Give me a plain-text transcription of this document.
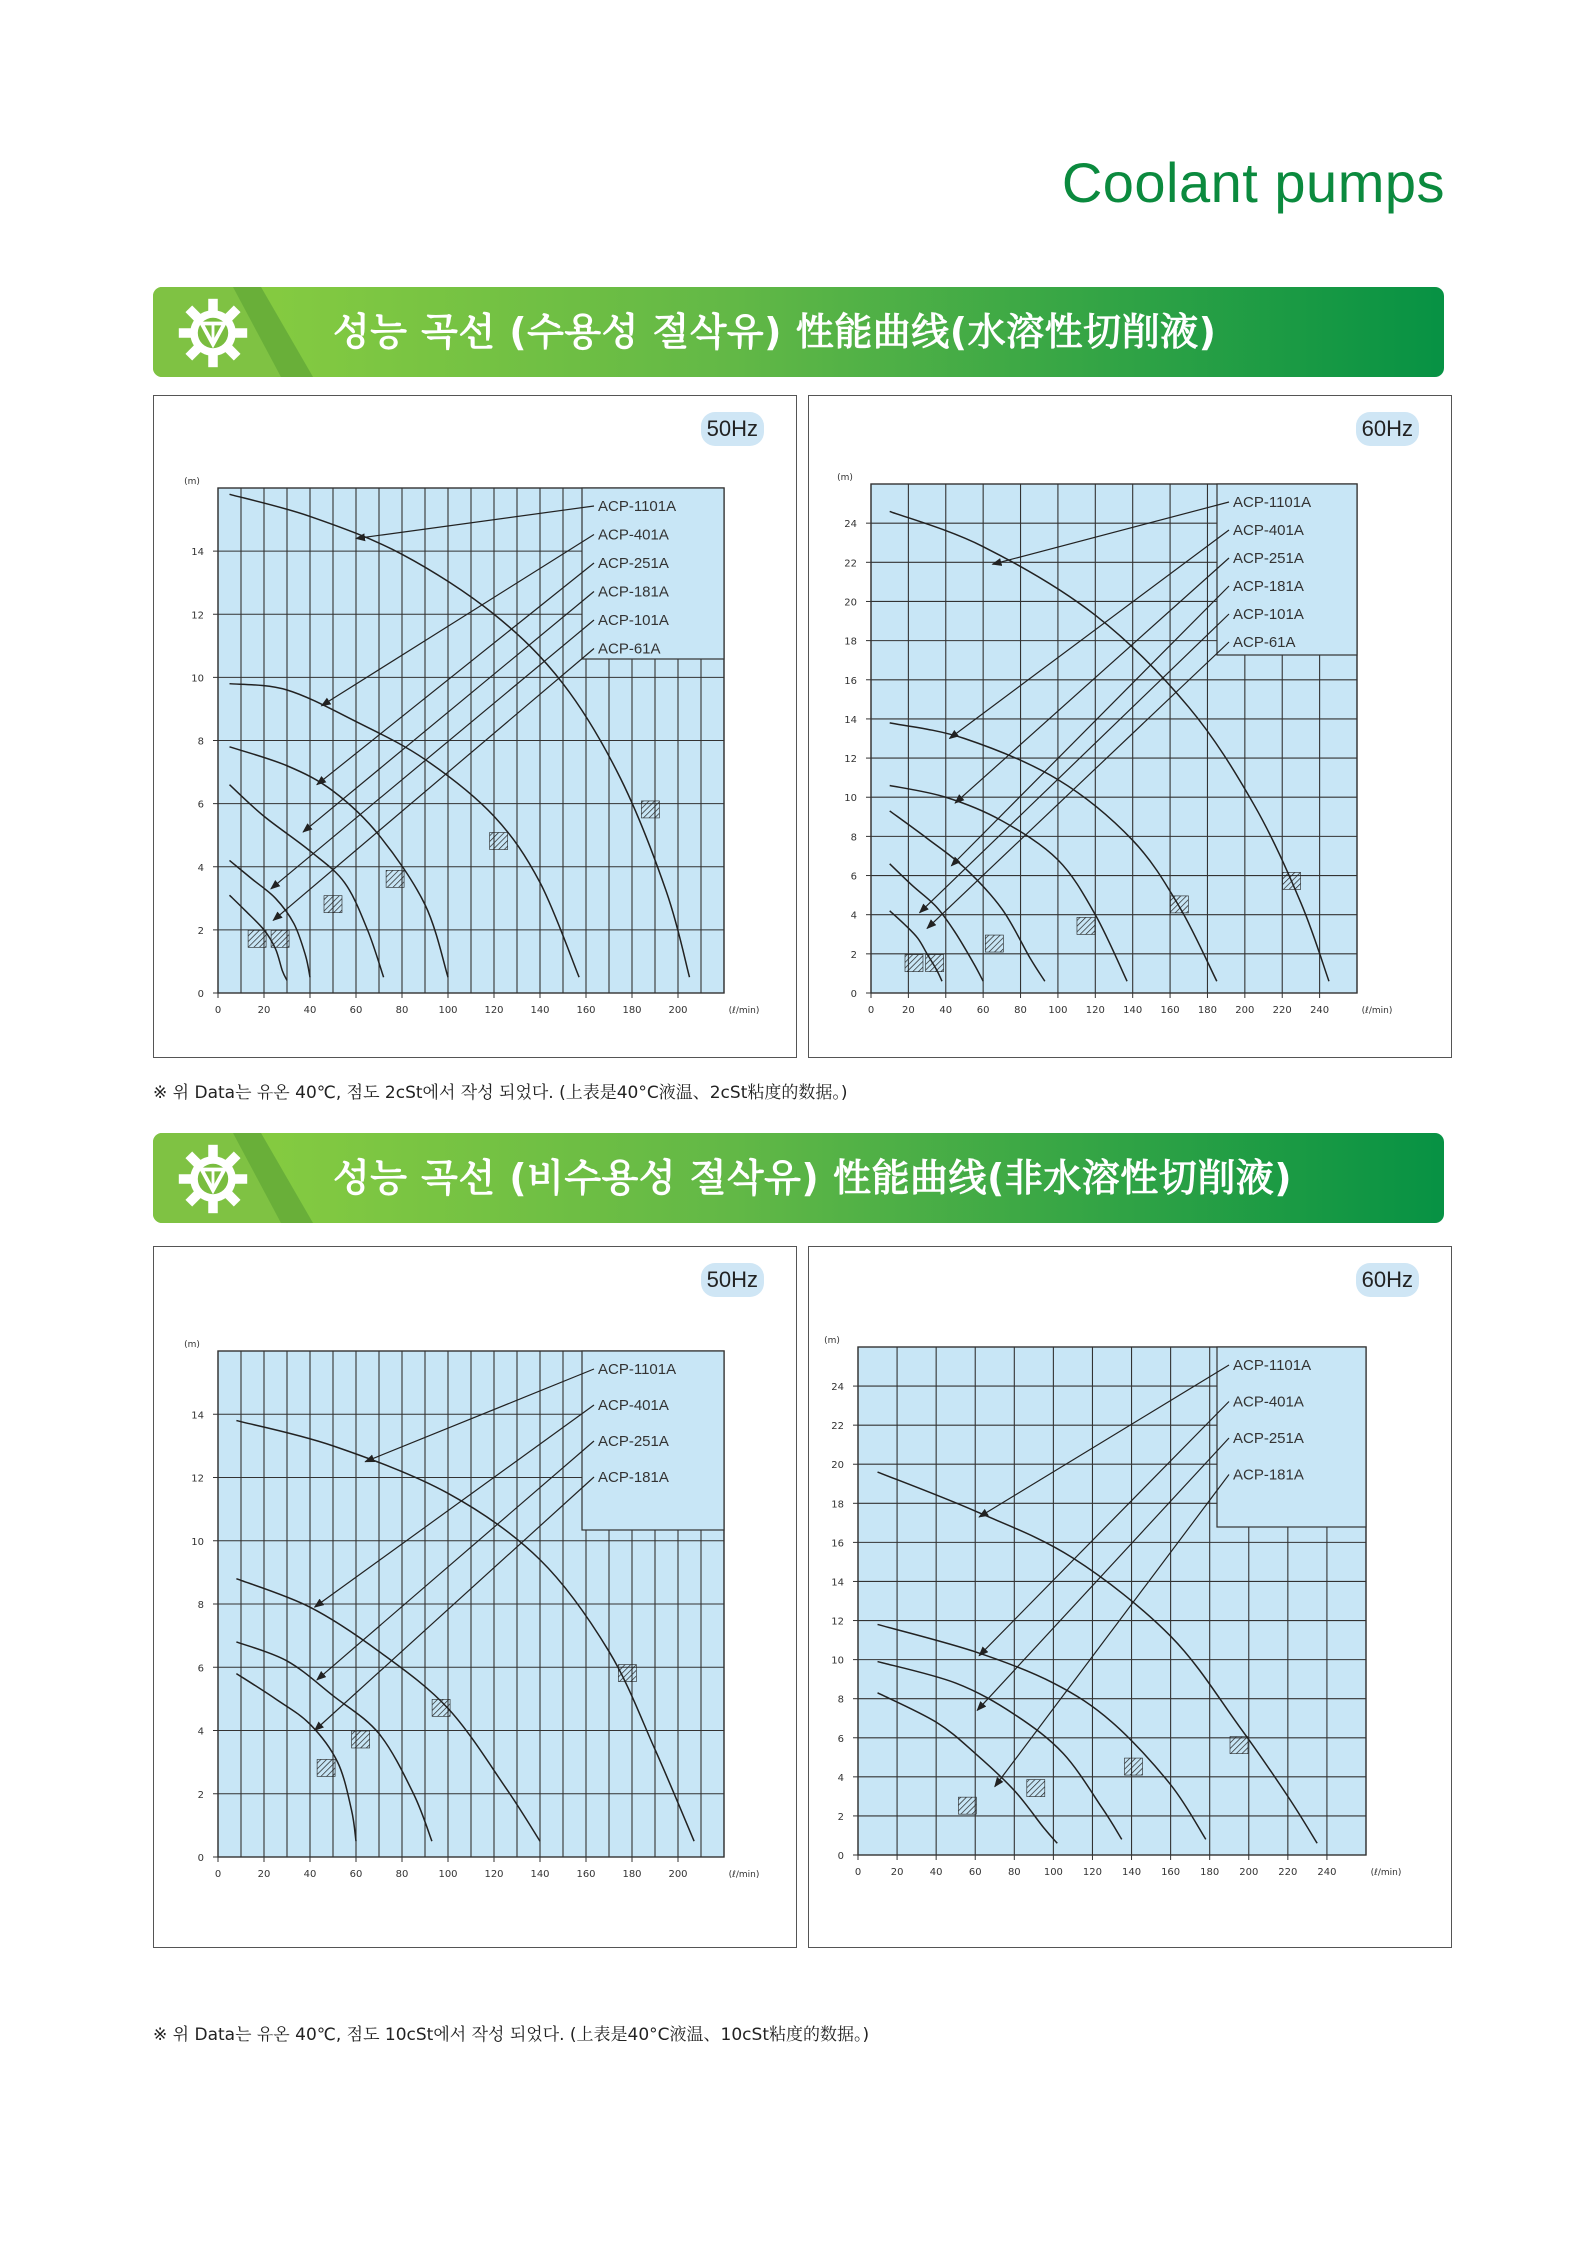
Coolant pumps
성능 곡선 (수용성 절삭유) 性能曲线(水溶性切削液)
50Hz
0	20	40	60	80	100	120	140	160	180	200
0
2
4
6
8
10
12
14
(m)
(ℓ/min)
ACP-1101A
ACP-401A
ACP-251A
ACP-181A
ACP-101A
ACP-61A
60Hz
0	20 40 60 80 100 120 140 160 180 200 220 240
0
2
4
6
8
10
12
14
16
18
20
22
24
(m)
(ℓ/min)
ACP-1101A
ACP-401A
ACP-251A
ACP-181A
ACP-101A
ACP-61A
※ 위 Data는 유온 40℃, 점도 2cSt에서 작성 되었다. (上表是40°C液温、2cSt粘度的数据。)
성능 곡선 (비수용성 절삭유) 性能曲线(非水溶性切削液)
50Hz
0	20	40	60	80	100	120	140	160	180	200
0
2
4
6
8
10
12
14
(m)
(ℓ/min)
ACP-1101A
ACP-401A
ACP-251A
ACP-181A
60Hz
0	20	40	60	80 100 120 140 160 180 200 220 240
0
2
4
6
8
10
12
14
16
18
20
22
24
(m)
(ℓ/min)
ACP-1101A
ACP-401A
ACP-251A
ACP-181A
※ 위 Data는 유온 40℃, 점도 10cSt에서 작성 되었다. (上表是40°C液温、10cSt粘度的数据。)
